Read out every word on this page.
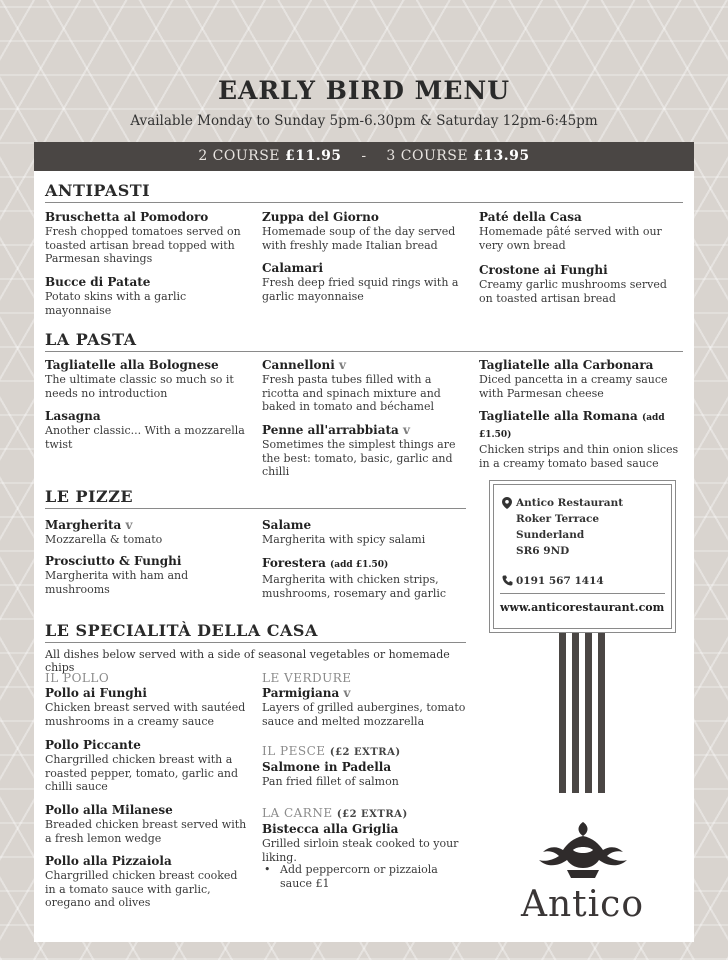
EARLY BIRD MENU
Available Monday to Sunday 5pm-6.30pm & Saturday 12pm-6:45pm
2 COURSE £11.95 - 3 COURSE £13.95
ANTIPASTI
Bruschetta al Pomodoro
Fresh chopped tomatoes served on toasted artisan bread topped with Parmesan shavings
Bucce di Patate
Potato skins with a garlic mayonnaise
Zuppa del Giorno
Homemade soup of the day served with freshly made Italian bread
Calamari
Fresh deep fried squid rings with a garlic mayonnaise
Paté della Casa
Homemade pâté served with our very own bread
Crostone ai Funghi
Creamy garlic mushrooms served on toasted artisan bread
LA PASTA
Tagliatelle alla Bolognese
The ultimate classic so much so it needs no introduction
Lasagna
Another classic... With a mozzarella twist
Cannelloni v
Fresh pasta tubes filled with a ricotta and spinach mixture and baked in tomato and béchamel
Penne all'arrabbiata v
Sometimes the simplest things are the best: tomato, basic, garlic and chilli
Tagliatelle alla Carbonara
Diced pancetta in a creamy sauce with Parmesan cheese
Tagliatelle alla Romana (add £1.50)
Chicken strips and thin onion slices in a creamy tomato based sauce
LE PIZZE
Margherita v
Mozzarella & tomato
Prosciutto & Funghi
Margherita with ham and mushrooms
Salame
Margherita with spicy salami
Forestera (add £1.50)
Margherita with chicken strips, mushrooms, rosemary and garlic
LE SPECIALITÀ DELLA CASA
All dishes below served with a side of seasonal vegetables or homemade chips
IL POLLO
Pollo ai Funghi
Chicken breast served with sautéed mushrooms in a creamy sauce
Pollo Piccante
Chargrilled chicken breast with a roasted pepper, tomato, garlic and chilli sauce
Pollo alla Milanese
Breaded chicken breast served with a fresh lemon wedge
Pollo alla Pizzaiola
Chargrilled chicken breast cooked in a tomato sauce with garlic, oregano and olives
LE VERDURE
Parmigiana v
Layers of grilled aubergines, tomato sauce and melted mozzarella
IL PESCE (£2 EXTRA)
Salmone in Padella
Pan fried fillet of salmon
LA CARNE (£2 EXTRA)
Bistecca alla Griglia
Grilled sirloin steak cooked to your liking.
• Add peppercorn or pizzaiola sauce £1
Antico Restaurant
Roker Terrace
Sunderland
SR6 9ND
0191 567 1414
www.anticorestaurant.com
Antico
